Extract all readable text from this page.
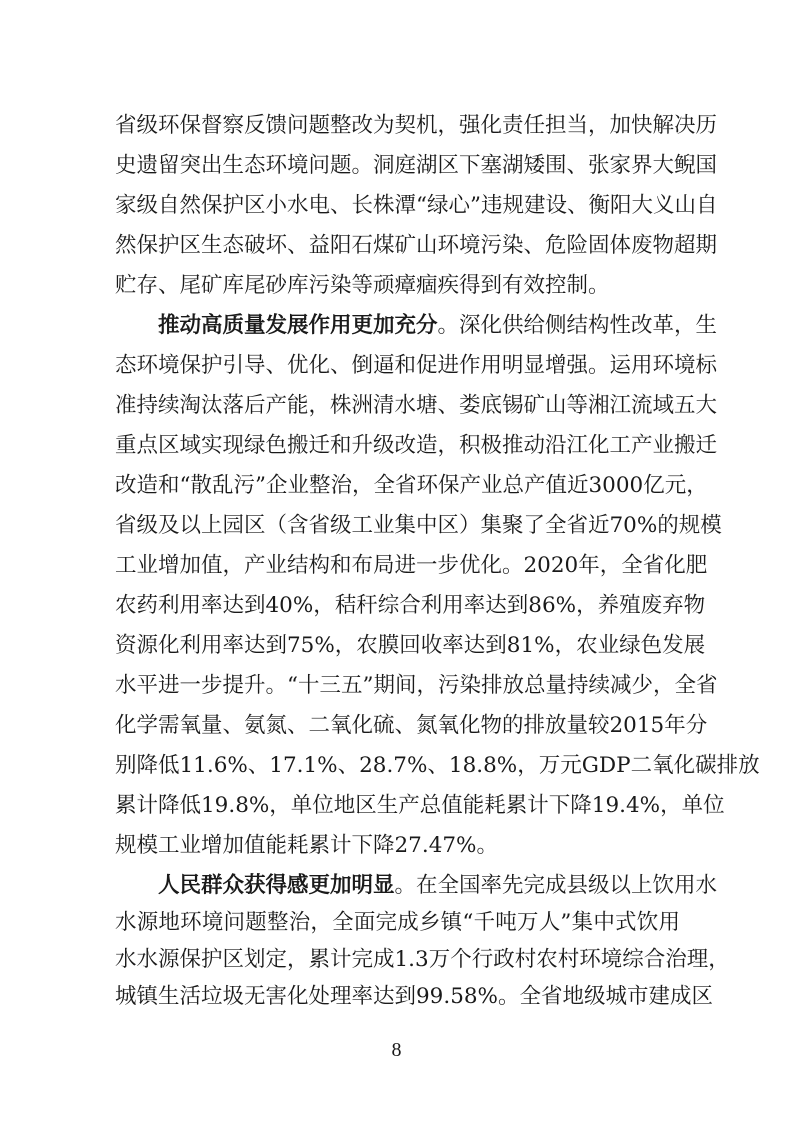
省级环保督察反馈问题整改为契机，强化责任担当，加快解决历
史遗留突出生态环境问题。洞庭湖区下塞湖矮围、张家界大鲵国
家级自然保护区小水电、长株潭“绿心”违规建设、衡阳大义山自
然保护区生态破坏、益阳石煤矿山环境污染、危险固体废物超期
贮存、尾矿库尾砂库污染等顽瘴痼疾得到有效控制。
推动高质量发展作用更加充分。深化供给侧结构性改革，生
态环境保护引导、优化、倒逼和促进作用明显增强。运用环境标
准持续淘汰落后产能，株洲清水塘、娄底锡矿山等湘江流域五大
重点区域实现绿色搬迁和升级改造，积极推动沿江化工产业搬迁
改造和“散乱污”企业整治，全省环保产业总产值近3000亿元，
省级及以上园区（含省级工业集中区）集聚了全省近70%的规模
工业增加值，产业结构和布局进一步优化。2020年，全省化肥
农药利用率达到40%，秸秆综合利用率达到86%，养殖废弃物
资源化利用率达到75%，农膜回收率达到81%，农业绿色发展
水平进一步提升。“十三五”期间，污染排放总量持续减少，全省
化学需氧量、氨氮、二氧化硫、氮氧化物的排放量较2015年分
别降低11.6%、17.1%、28.7%、18.8%，万元GDP二氧化碳排放
累计降低19.8%，单位地区生产总值能耗累计下降19.4%，单位
规模工业增加值能耗累计下降27.47%。
人民群众获得感更加明显。在全国率先完成县级以上饮用水
水源地环境问题整治，全面完成乡镇“千吨万人”集中式饮用
水水源保护区划定，累计完成1.3万个行政村农村环境综合治理，
城镇生活垃圾无害化处理率达到99.58%。全省地级城市建成区
8
